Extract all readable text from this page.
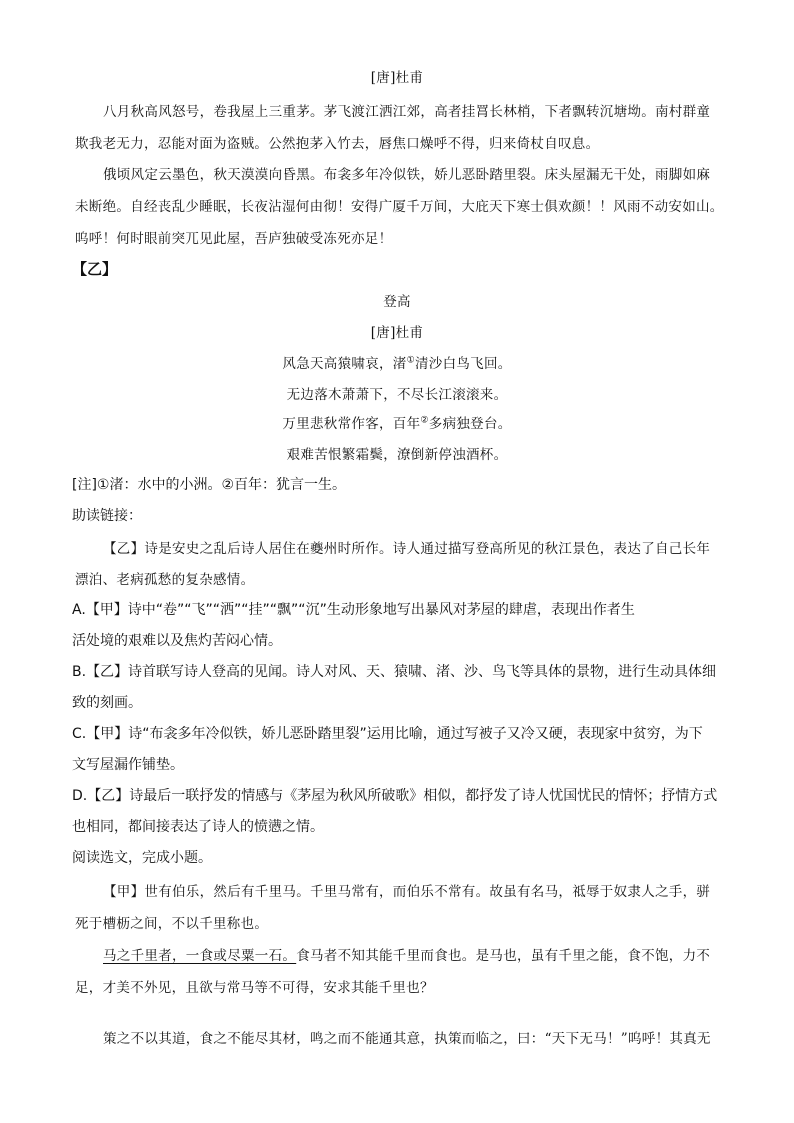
[唐]杜甫
八月秋高风怒号，卷我屋上三重茅。茅飞渡江洒江郊，高者挂罥长林梢，下者飘转沉塘坳。南村群童
欺我老无力，忍能对面为盗贼。公然抱茅入竹去，唇焦口燥呼不得，归来倚杖自叹息。
俄顷风定云墨色，秋天漠漠向昏黑。布衾多年冷似铁，娇儿恶卧踏里裂。床头屋漏无干处，雨脚如麻
未断绝。自经丧乱少睡眠，长夜沾湿何由彻！安得广厦千万间，大庇天下寒士俱欢颜！！风雨不动安如山。
呜呼！何时眼前突兀见此屋，吾庐独破受冻死亦足！
【乙】
登高
[唐]杜甫
风急天高猿啸哀，渚①清沙白鸟飞回。
无边落木萧萧下，不尽长江滚滚来。
万里悲秋常作客，百年②多病独登台。
艰难苦恨繁霜鬓，潦倒新停浊酒杯。
[注]①渚：水中的小洲。②百年：犹言一生。
助读链接：
【乙】诗是安史之乱后诗人居住在夔州时所作。诗人通过描写登高所见的秋江景色，表达了自己长年
漂泊、老病孤愁的复杂感情。
A.【甲】诗中“卷”“飞”“洒”“挂”“飘”“沉”生动形象地写出暴风对茅屋的肆虐，表现出作者生
活处境的艰难以及焦灼苦闷心情。
B.【乙】诗首联写诗人登高的见闻。诗人对风、天、猿啸、渚、沙、鸟飞等具体的景物，进行生动具体细
致的刻画。
C.【甲】诗“布衾多年冷似铁，娇儿恶卧踏里裂”运用比喻，通过写被子又冷又硬，表现家中贫穷，为下
文写屋漏作铺垫。
D.【乙】诗最后一联抒发的情感与《茅屋为秋风所破歌》相似，都抒发了诗人忧国忧民的情怀；抒情方式
也相同，都间接表达了诗人的愤懑之情。
阅读选文，完成小题。
【甲】世有伯乐，然后有千里马。千里马常有，而伯乐不常有。故虽有名马，祗辱于奴隶人之手，骈
死于槽枥之间，不以千里称也。
马之千里者，一食或尽粟一石。食马者不知其能千里而食也。是马也，虽有千里之能，食不饱，力不
足，才美不外见，且欲与常马等不可得，安求其能千里也？
策之不以其道，食之不能尽其材，鸣之而不能通其意，执策而临之，曰：“天下无马！”呜呼！其真无
